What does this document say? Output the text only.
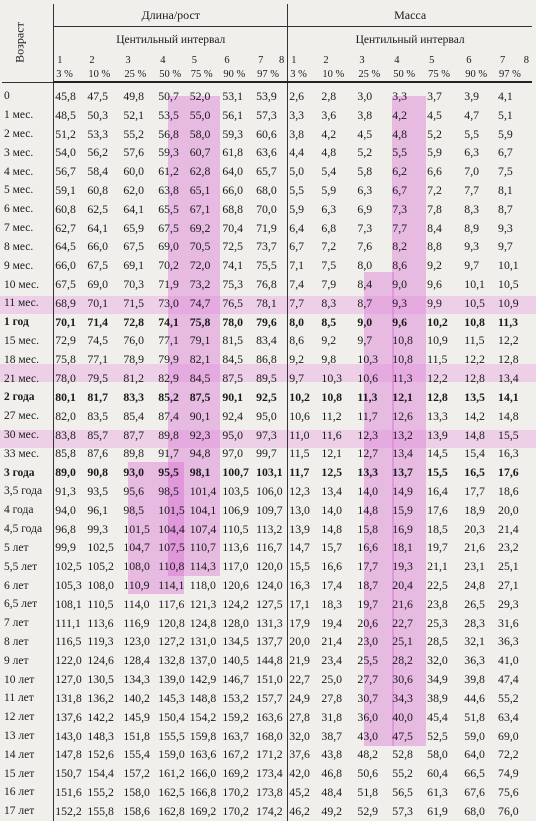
Возраст	Длина/рост							Масса						
	Центильный интервал							Центильный интервал						
	1	2	3	4	5	6	7 8	1	2	3	4	5	6	7 8

	3 %	10 %	25 %	50 %	75 %	90 %	97 %	3 %	10 %	25 %	50 %	75 %	90 %	97 %
0	45,8	47,5	49,8	50,7	52,0	53,1	53,9	2,6	2,8	3,0	3,3	3,7	3,9	4,1
1 мес.	48,5	50,3	52,1	53,5	55,0	56,1	57,3	3,3	3,6	3,8	4,2	4,5	4,7	5,1
2 мес.	51,2	53,3	55,2	56,8	58,0	59,3	60,6	3,8	4,2	4,5	4,8	5,2	5,5	5,9
3 мес.	54,0	56,2	57,6	59,3	60,7	61,8	63,6	4,4	4,8	5,2	5,5	5,9	6,3	6,7
4 мес.	56,7	58,4	60,0	61,2	62,8	64,0	65,7	5,0	5,4	5,8	6,2	6,6	7,0	7,5
5 мес.	59,1	60,8	62,0	63,8	65,1	66,0	68,0	5,5	5,9	6,3	6,7	7,2	7,7	8,1
6 мес.	60,8	62,5	64,1	65,5	67,1	68,8	70,0	5,9	6,3	6,9	7,3	7,8	8,3	8,7
7 мес.	62,7	64,1	65,9	67,5	69,2	70,4	71,9	6,4	6,8	7,3	7,7	8,4	8,9	9,3
8 мес.	64,5	66,0	67,5	69,0	70,5	72,5	73,7	6,7	7,2	7,6	8,2	8,8	9,3	9,7
9 мес.	66,0	67,5	69,1	70,2	72,0	74,1	75,5	7,1	7,5	8,0	8,6	9,2	9,7	10,1
10 мес.	67,5	69,0	70,3	71,9	73,2	75,3	76,8	7,4	7,9	8,4	9,0	9,6	10,1	10,5
11 мес.	68,9	70,1	71,5	73,0	74,7	76,5	78,1	7,7	8,3	8,7	9,3	9,9	10,5	10,9
1 год	70,1	71,4	72,8	74,1	75,8	78,0	79,6	8,0	8,5	9,0	9,6	10,2	10,8	11,3
15 мес.	72,9	74,5	76,0	77,1	79,1	81,5	83,4	8,6	9,2	9,7	10,8	10,9	11,5	12,2
18 мес.	75,8	77,1	78,9	79,9	82,1	84,5	86,8	9,2	9,8	10,3	10,8	11,5	12,2	12,8
21 мес.	78,0	79,5	81,2	82,9	84,5	87,5	89,5	9,7	10,3	10,6	11,3	12,2	12,8	13,4
2 года	80,1	81,7	83,3	85,2	87,5	90,1	92,5	10,2	10,8	11,3	12,1	12,8	13,5	14,1
27 мес.	82,0	83,5	85,4	87,4	90,1	92,4	95,0	10,6	11,2	11,7	12,6	13,3	14,2	14,8
30 мес.	83,8	85,7	87,7	89,8	92,3	95,0	97,3	11,0	11,6	12,3	13,2	13,9	14,8	15,5
33 мес.	85,8	87,6	89,8	91,7	94,8	97,0	99,7	11,5	12,1	12,7	13,4	14,5	15,4	16,3
3 года	89,0	90,8	93,0	95,5	98,1	100,7	103,1	11,7	12,5	13,3	13,7	15,5	16,5	17,6
3,5 года	91,3	93,5	95,6	98,5	101,4	103,5	106,0	12,3	13,4	14,0	14,9	16,4	17,7	18,6
4 года	94,0	96,1	98,5	101,5	104,1	106,9	109,7	13,0	14,0	14,8	15,9	17,6	18,9	20,0
4,5 года	96,8	99,3	101,5	104,4	107,4	110,5	113,2	13,9	14,8	15,8	16,9	18,5	20,3	21,4
5 лет	99,9	102,5	104,7	107,5	110,7	113,6	116,7	14,7	15,7	16,6	18,1	19,7	21,6	23,2
5,5 лет	102,5	105,2	108,0	110,8	114,3	117,0	120,0	15,5	16,6	17,7	19,3	21,1	23,1	25,1
6 лет	105,3	108,0	110,9	114,1	118,0	120,6	124,0	16,3	17,4	18,7	20,4	22,5	24,8	27,1
6,5 лет	108,1	110,5	114,0	117,6	121,3	124,2	127,5	17,1	18,3	19,7	21,6	23,8	26,5	29,3
7 лет	111,1	113,6	116,9	120,8	124,8	128,0	131,3	17,9	19,4	20,6	22,7	25,3	28,3	31,6
8 лет	116,5	119,3	123,0	127,2	131,0	134,5	137,7	20,0	21,4	23,0	25,1	28,5	32,1	36,3
9 лет	122,0	124,6	128,4	132,8	137,0	140,5	144,8	21,9	23,4	25,5	28,2	32,0	36,3	41,0
10 лет	127,0	130,5	134,3	139,0	142,9	146,7	151,0	22,7	25,0	27,7	30,6	34,9	39,8	47,4
11 лет	131,8	136,2	140,2	145,3	148,8	153,2	157,7	24,9	27,8	30,7	34,3	38,9	44,6	55,2
12 лет	137,6	142,2	145,9	150,4	154,2	159,2	163,6	27,8	31,8	36,0	40,0	45,4	51,8	63,4
13 лет	143,0	148,3	151,8	155,5	159,8	163,7	168,0	32,0	38,7	43,0	47,5	52,5	59,0	69,0
14 лет	147,8	152,6	155,4	159,0	163,6	167,2	171,2	37,6	43,8	48,2	52,8	58,0	64,0	72,2
15 лет	150,7	154,4	157,2	161,2	166,0	169,2	173,4	42,0	46,8	50,6	55,2	60,4	66,5	74,9
16 лет	151,6	155,2	158,0	162,5	166,8	170,2	173,8	45,2	48,4	51,8	56,5	61,3	67,6	75,6
17 лет	152,2	155,8	158,6	162,8	169,2	170,2	174,2	46,2	49,2	52,9	57,3	61,9	68,0	76,0
